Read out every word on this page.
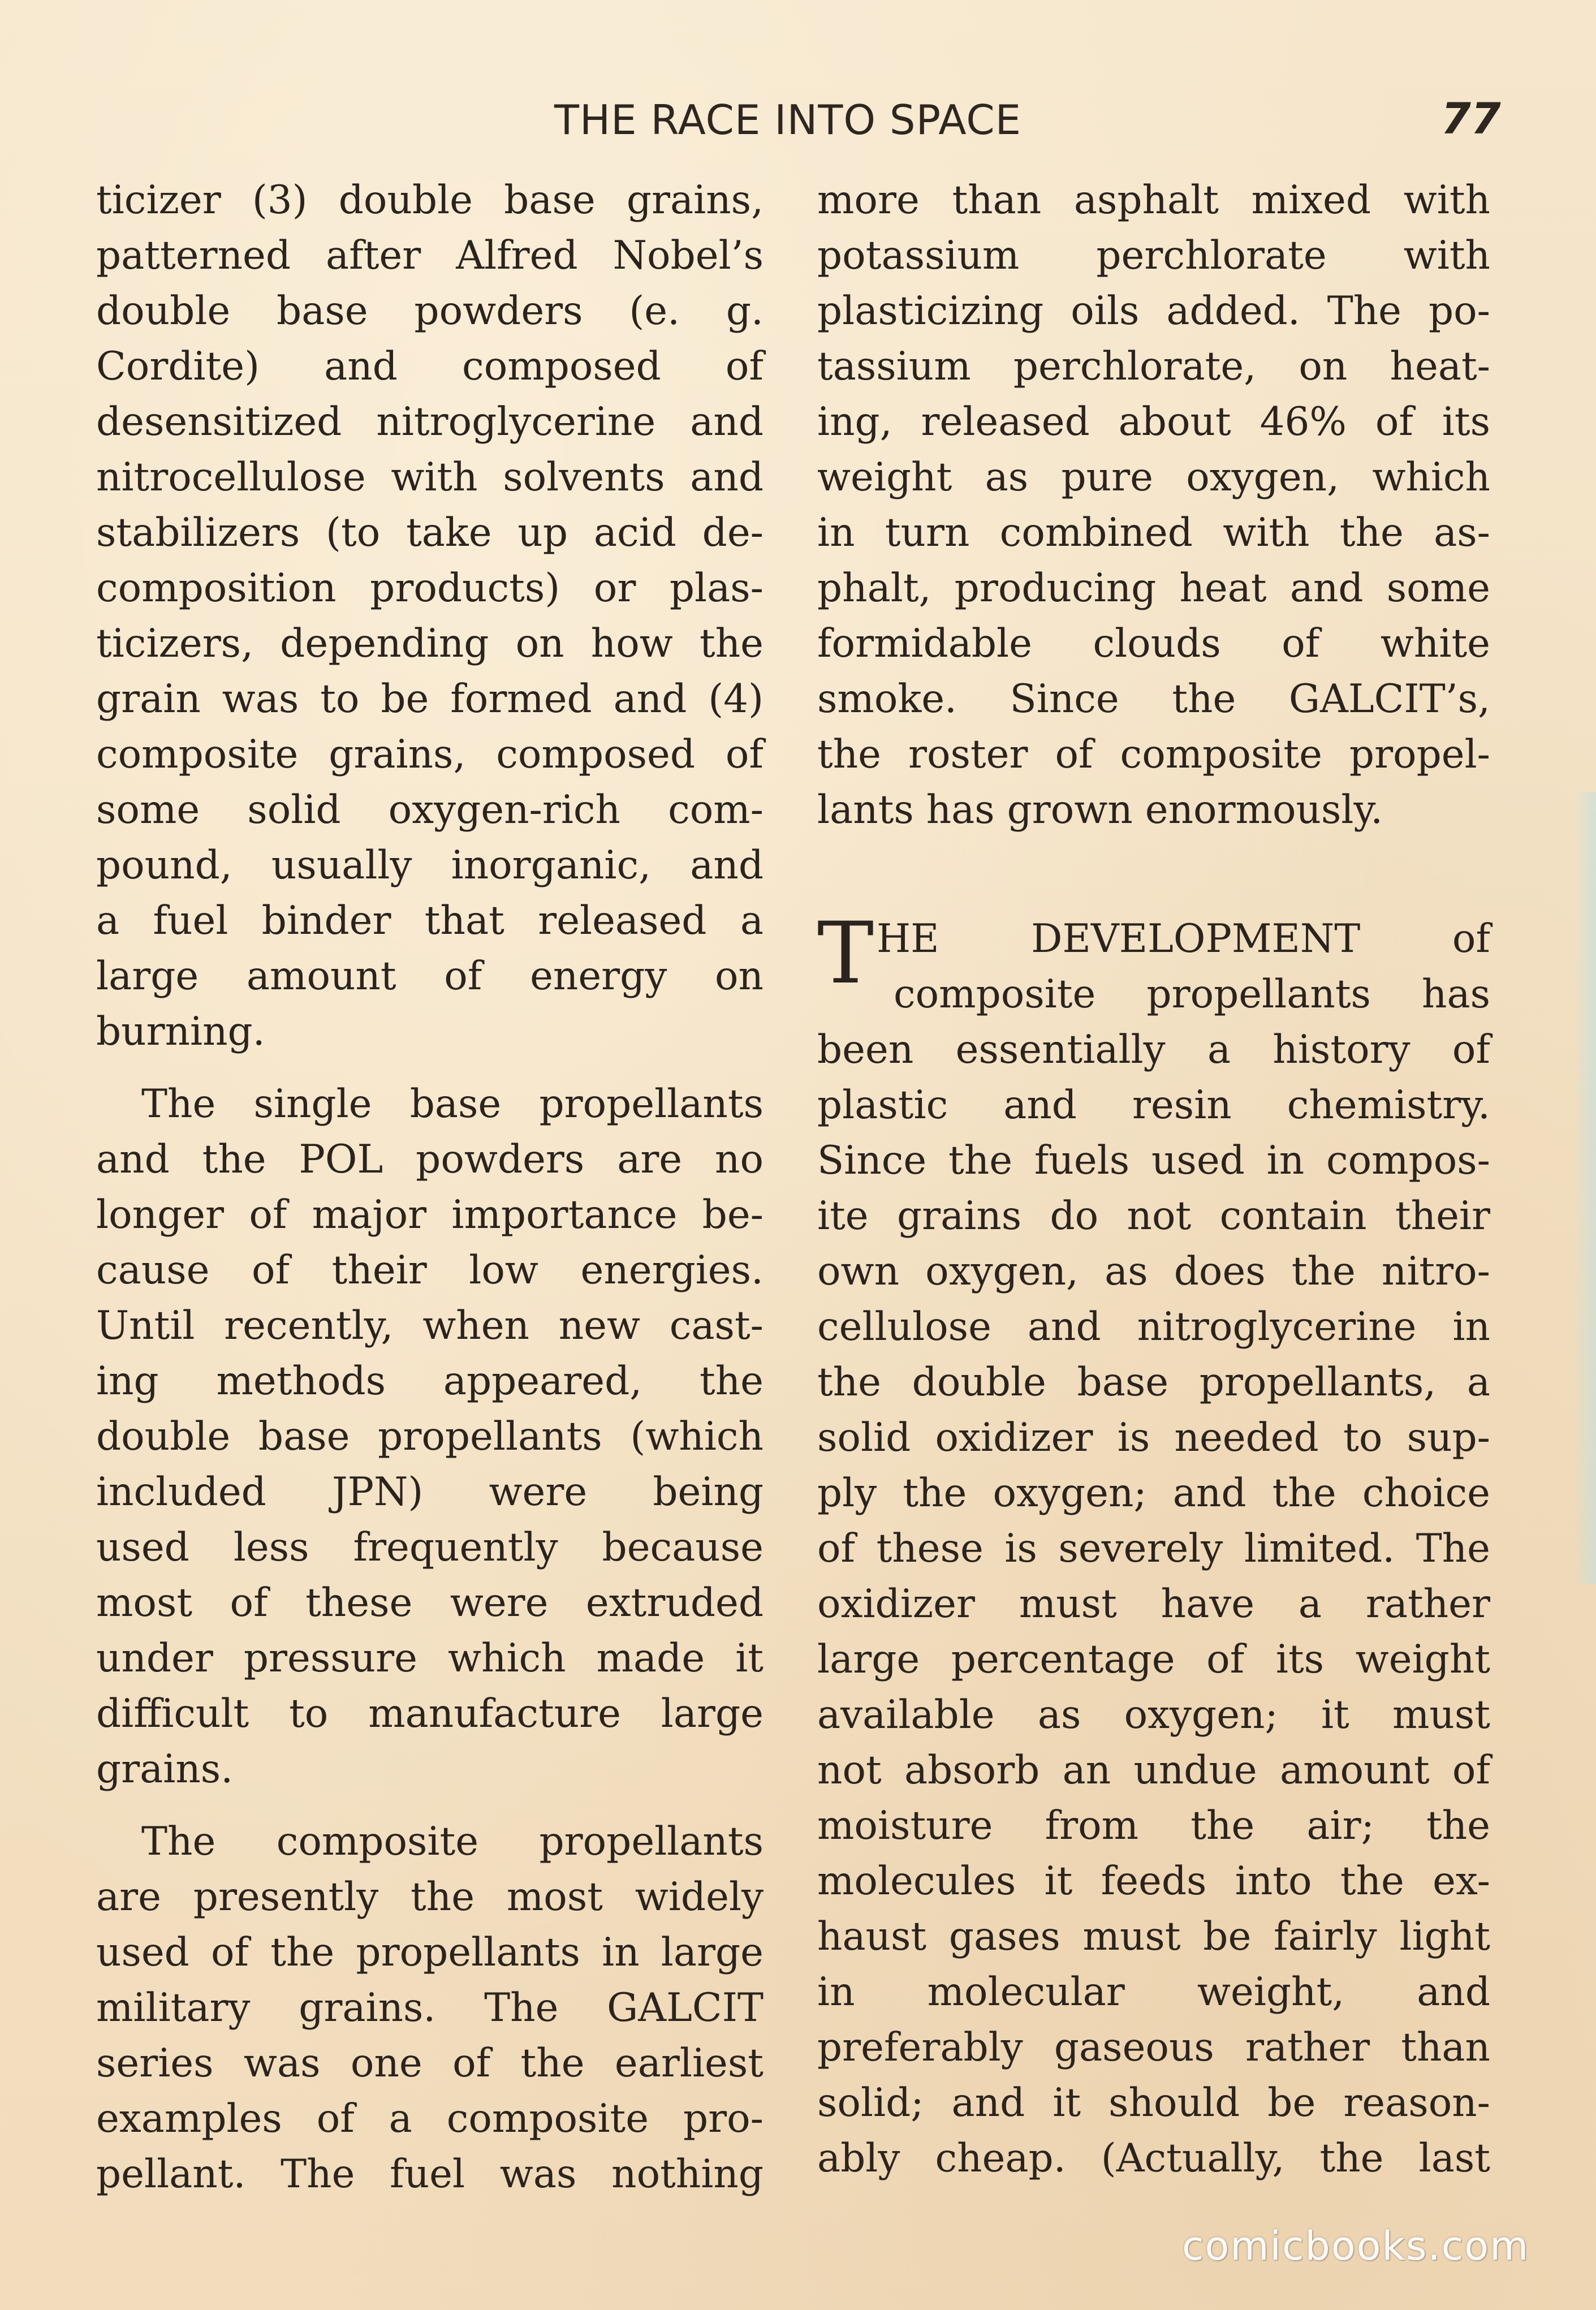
THE RACE INTO SPACE	77
ticizer (3) double base grains,
patterned after Alfred Nobel’s
double base powders (e. g.
Cordite) and composed of
desensitized nitroglycerine and
nitrocellulose with solvents and
stabilizers (to take up acid de-
composition products) or plas-
ticizers, depending on how the
grain was to be formed and (4)
composite grains, composed of
some solid oxygen-rich com-
pound, usually inorganic, and
a fuel binder that released a
large amount of energy on
burning.
The single base propellants
and the POL powders are no
longer of major importance be-
cause of their low energies.
Until recently, when new cast-
ing methods appeared, the
double base propellants (which
included JPN) were being
used less frequently because
most of these were extruded
under pressure which made it
difficult to manufacture large
grains.
The composite propellants
are presently the most widely
used of the propellants in large
military grains. The GALCIT
series was one of the earliest
examples of a composite pro-
pellant. The fuel was nothing
more than asphalt mixed with
potassium perchlorate with
plasticizing oils added. The po-
tassium perchlorate, on heat-
ing, released about 46% of its
weight as pure oxygen, which
in turn combined with the as-
phalt, producing heat and some
formidable clouds of white
smoke. Since the GALCIT’s,
the roster of composite propel-
lants has grown enormously.
T HE DEVELOPMENT of
composite propellants has
been essentially a history of
plastic and resin chemistry.
Since the fuels used in compos-
ite grains do not contain their
own oxygen, as does the nitro-
cellulose and nitroglycerine in
the double base propellants, a
solid oxidizer is needed to sup-
ply the oxygen; and the choice
of these is severely limited. The
oxidizer must have a rather
large percentage of its weight
available as oxygen; it must
not absorb an undue amount of
moisture from the air; the
molecules it feeds into the ex-
haust gases must be fairly light
in molecular weight, and
preferably gaseous rather than
solid; and it should be reason-
ably cheap. (Actually, the last
comicbooks.com
